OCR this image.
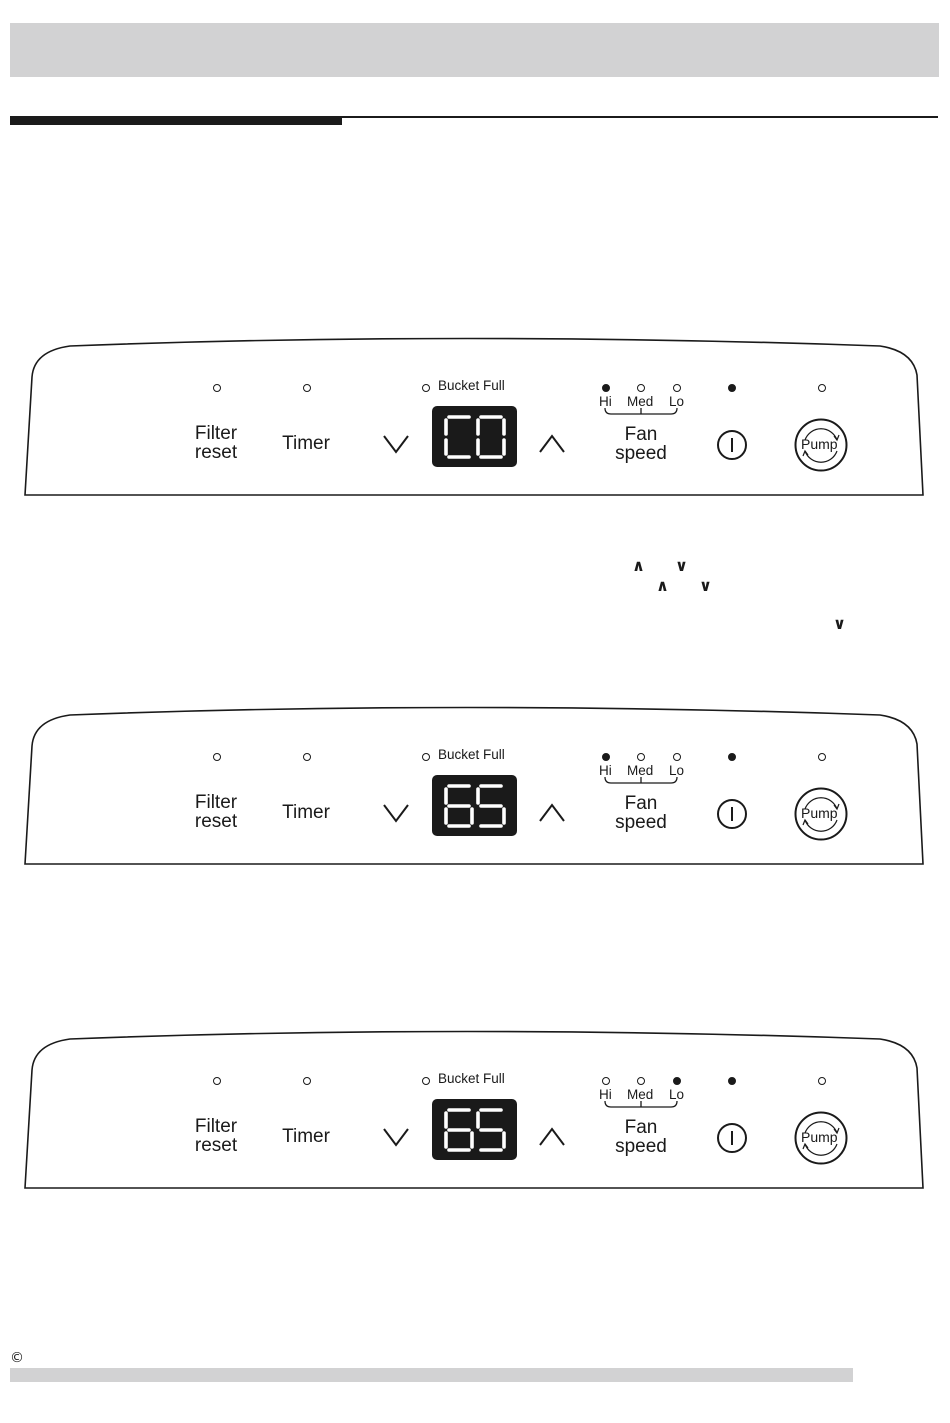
Bucket Full
Hi Med Lo
Filter
reset	Timer	Fan
speed	Pump
Bucket Full
Hi Med Lo
Filter
reset	Timer	Fan
speed	Pump
Bucket Full
Hi Med Lo
Filter
reset	Timer	Fan
speed	Pump
∧ ∨
∧ ∨
∨
©
